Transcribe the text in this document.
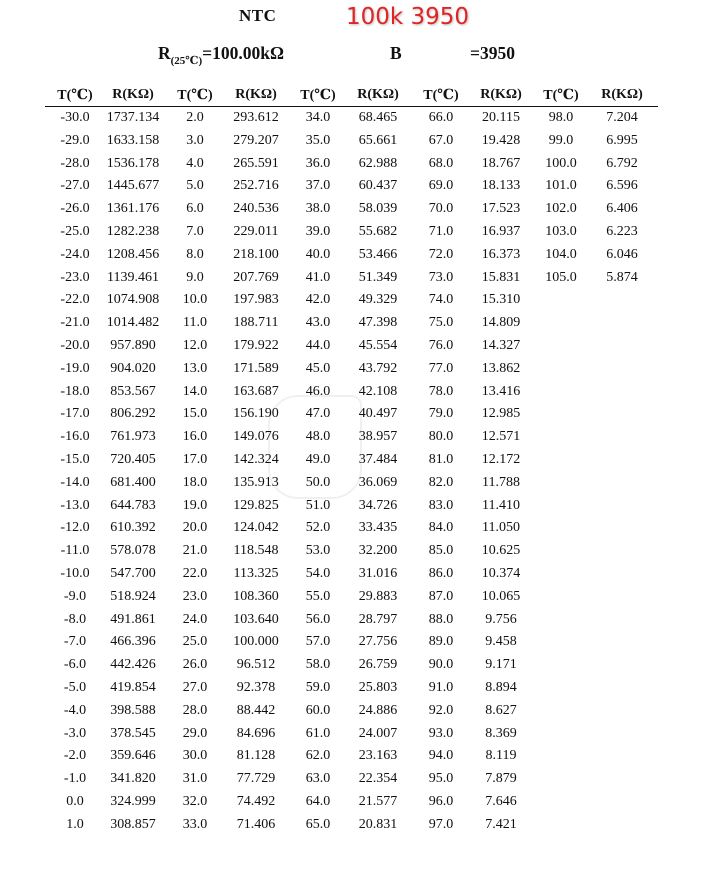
NTC	100k 3950
$R_{(25℃)}=100.00k\Omega$	B	=3950
T(℃) R(KΩ) T(℃) R(KΩ) T(℃) R(KΩ) T(℃) R(KΩ) T(℃) R(KΩ)
-30.0 1737.134 2.0 293.612 34.0 68.465 66.0 20.115 98.0 7.204
-29.0 1633.158 3.0 279.207 35.0 65.661 67.0 19.428 99.0 6.995
-28.0 1536.178 4.0 265.591 36.0 62.988 68.0 18.767 100.0 6.792
-27.0 1445.677 5.0 252.716 37.0 60.437 69.0 18.133 101.0 6.596
-26.0 1361.176 6.0 240.536 38.0 58.039 70.0 17.523 102.0 6.406
-25.0 1282.238 7.0 229.011 39.0 55.682 71.0 16.937 103.0 6.223
-24.0 1208.456 8.0 218.100 40.0 53.466 72.0 16.373 104.0 6.046
-23.0 1139.461 9.0 207.769 41.0 51.349 73.0 15.831 105.0 5.874
-22.0 1074.908 10.0 197.983 42.0 49.329 74.0 15.310
-21.0 1014.482 11.0 188.711 43.0 47.398 75.0 14.809
-20.0 957.890 12.0 179.922 44.0 45.554 76.0 14.327
-19.0 904.020 13.0 171.589 45.0 43.792 77.0 13.862
-18.0 853.567 14.0 163.687 46.0 42.108 78.0 13.416
-17.0 806.292 15.0 156.190 47.0 40.497 79.0 12.985
-16.0 761.973 16.0 149.076 48.0 38.957 80.0 12.571
-15.0 720.405 17.0 142.324 49.0 37.484 81.0 12.172
-14.0 681.400 18.0 135.913 50.0 36.069 82.0 11.788
-13.0 644.783 19.0 129.825 51.0 34.726 83.0 11.410
-12.0 610.392 20.0 124.042 52.0 33.435 84.0 11.050
-11.0 578.078 21.0 118.548 53.0 32.200 85.0 10.625
-10.0 547.700 22.0 113.325 54.0 31.016 86.0 10.374
-9.0 518.924 23.0 108.360 55.0 29.883 87.0 10.065
-8.0 491.861 24.0 103.640 56.0 28.797 88.0 9.756
-7.0 466.396 25.0 100.000 57.0 27.756 89.0 9.458
-6.0 442.426 26.0 96.512 58.0 26.759 90.0 9.171
-5.0 419.854 27.0 92.378 59.0 25.803 91.0 8.894
-4.0 398.588 28.0 88.442 60.0 24.886 92.0 8.627
-3.0 378.545 29.0 84.696 61.0 24.007 93.0 8.369
-2.0 359.646 30.0 81.128 62.0 23.163 94.0 8.119
-1.0 341.820 31.0 77.729 63.0 22.354 95.0 7.879
0.0 324.999 32.0 74.492 64.0 21.577 96.0 7.646
1.0 308.857 33.0 71.406 65.0 20.831 97.0 7.421
